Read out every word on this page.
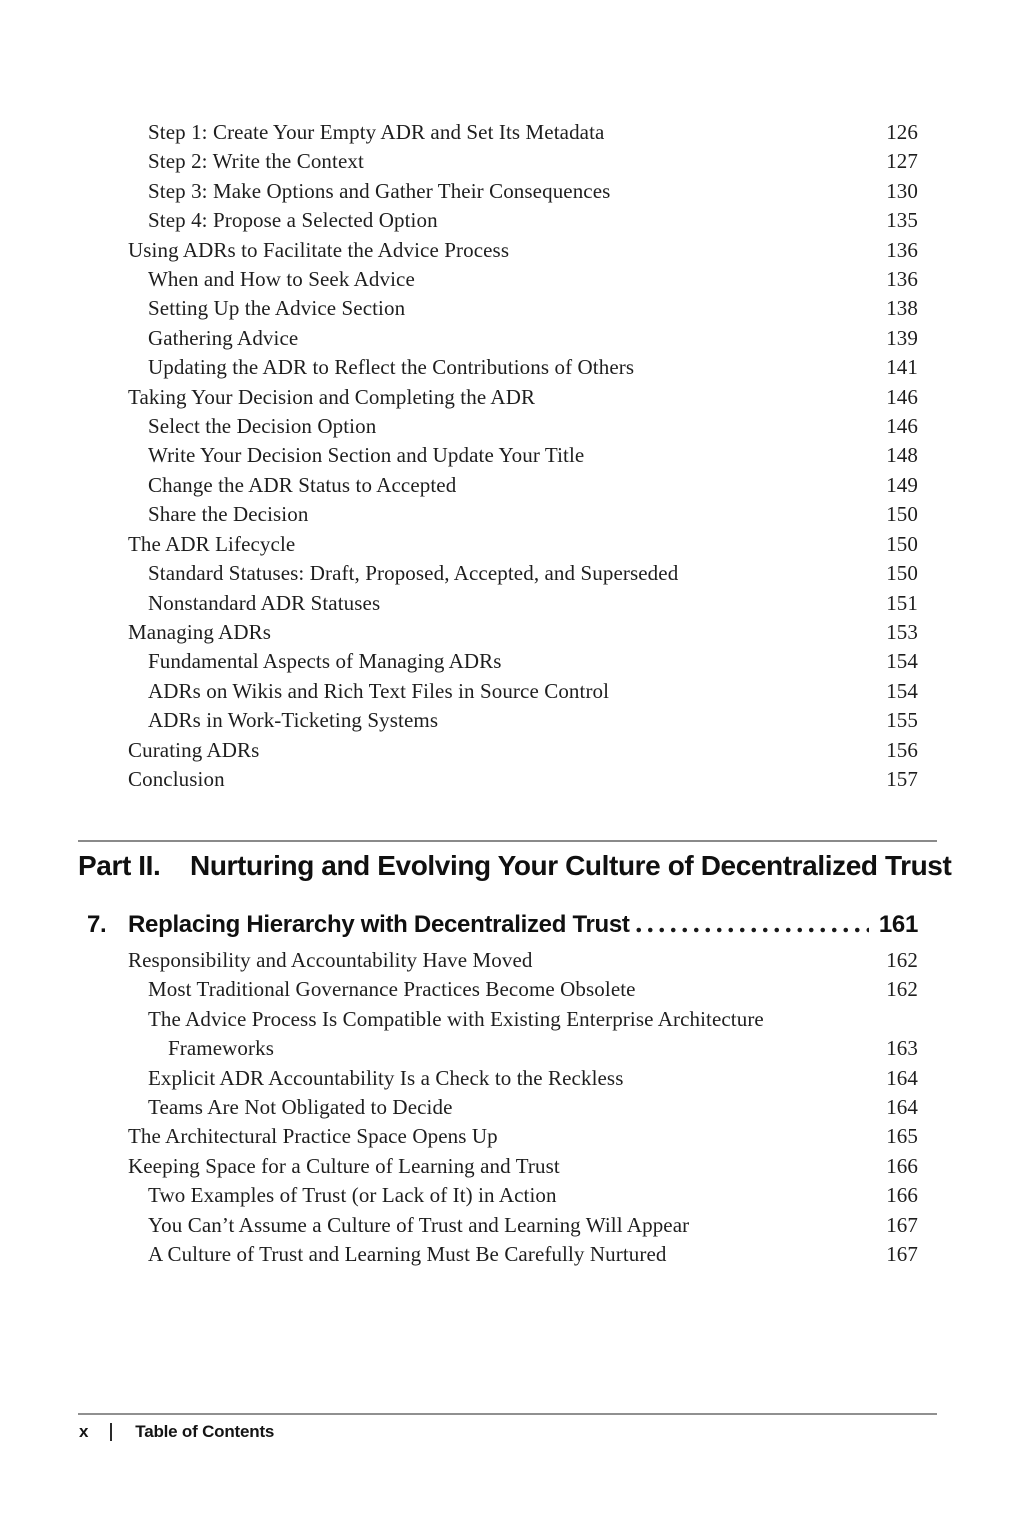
Step 1: Create Your Empty ADR and Set Its Metadata	126
Step 2: Write the Context	127
Step 3: Make Options and Gather Their Consequences	130
Step 4: Propose a Selected Option	135
Using ADRs to Facilitate the Advice Process	136
When and How to Seek Advice	136
Setting Up the Advice Section	138
Gathering Advice	139
Updating the ADR to Reflect the Contributions of Others	141
Taking Your Decision and Completing the ADR	146
Select the Decision Option	146
Write Your Decision Section and Update Your Title	148
Change the ADR Status to Accepted	149
Share the Decision	150
The ADR Lifecycle	150
Standard Statuses: Draft, Proposed, Accepted, and Superseded	150
Nonstandard ADR Statuses	151
Managing ADRs	153
Fundamental Aspects of Managing ADRs	154
ADRs on Wikis and Rich Text Files in Source Control	154
ADRs in Work-Ticketing Systems	155
Curating ADRs	156
Conclusion	157
Part II.	Nurturing and Evolving Your Culture of Decentralized Trust
7. Replacing Hierarchy with Decentralized Trust	161
Responsibility and Accountability Have Moved	162
Most Traditional Governance Practices Become Obsolete	162
The Advice Process Is Compatible with Existing Enterprise Architecture
Frameworks	163
Explicit ADR Accountability Is a Check to the Reckless	164
Teams Are Not Obligated to Decide	164
The Architectural Practice Space Opens Up	165
Keeping Space for a Culture of Learning and Trust	166
Two Examples of Trust (or Lack of It) in Action	166
You Can’t Assume a Culture of Trust and Learning Will Appear	167
A Culture of Trust and Learning Must Be Carefully Nurtured	167
x	Table of Contents
